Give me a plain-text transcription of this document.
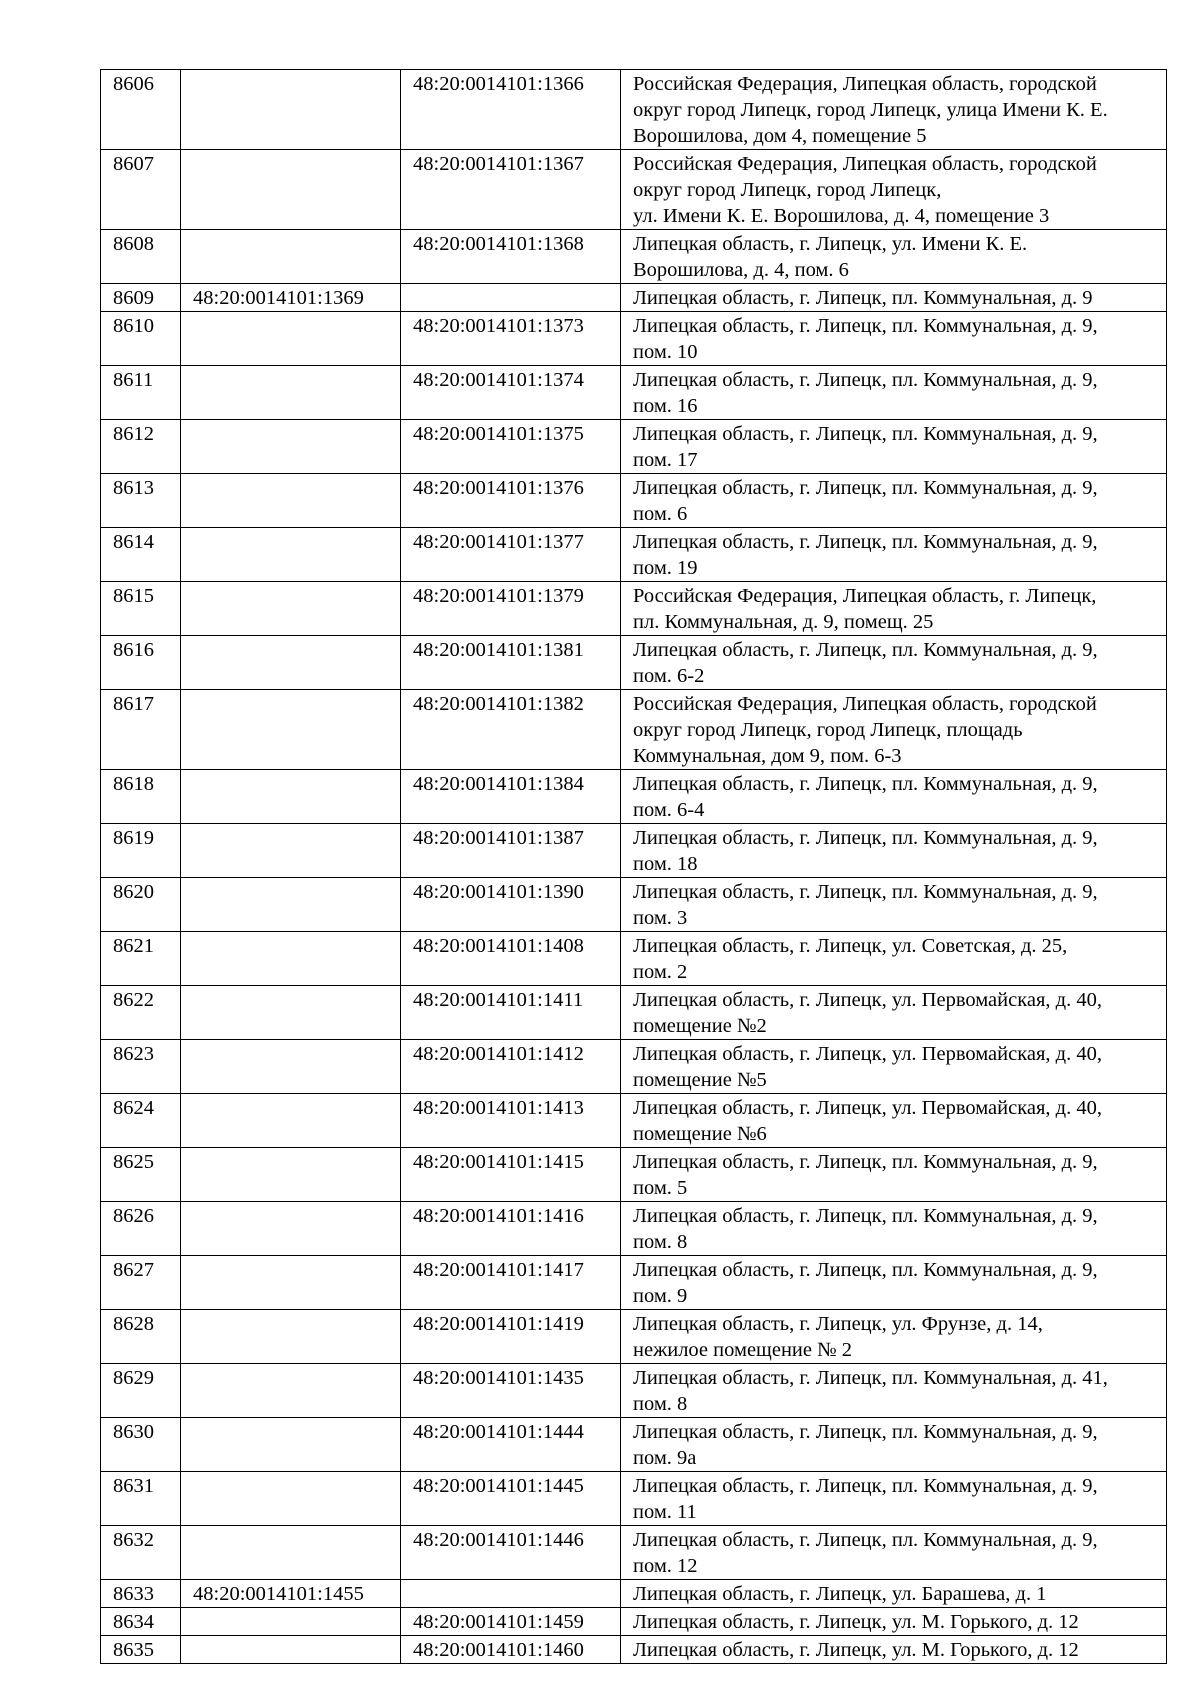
8606		48:20:0014101:1366	Российская Федерация, Липецкая область, городской
округ город Липецк, город Липецк, улица Имени К. Е.
Ворошилова, дом 4, помещение 5

8607		48:20:0014101:1367	Российская Федерация, Липецкая область, городской
округ город Липецк, город Липецк,
ул. Имени К. Е. Ворошилова, д. 4, помещение 3

8608		48:20:0014101:1368	Липецкая область, г. Липецк, ул. Имени К. Е.
Ворошилова, д. 4, пом. 6

8609	48:20:0014101:1369		Липецкая область, г. Липецк, пл. Коммунальная, д. 9

8610		48:20:0014101:1373	Липецкая область, г. Липецк, пл. Коммунальная, д. 9,
пом. 10

8611		48:20:0014101:1374	Липецкая область, г. Липецк, пл. Коммунальная, д. 9,
пом. 16

8612		48:20:0014101:1375	Липецкая область, г. Липецк, пл. Коммунальная, д. 9,
пом. 17

8613		48:20:0014101:1376	Липецкая область, г. Липецк, пл. Коммунальная, д. 9,
пом. 6

8614		48:20:0014101:1377	Липецкая область, г. Липецк, пл. Коммунальная, д. 9,
пом. 19

8615		48:20:0014101:1379	Российская Федерация, Липецкая область, г. Липецк,
пл. Коммунальная, д. 9, помещ. 25

8616		48:20:0014101:1381	Липецкая область, г. Липецк, пл. Коммунальная, д. 9,
пом. 6-2

8617		48:20:0014101:1382	Российская Федерация, Липецкая область, городской
округ город Липецк, город Липецк, площадь
Коммунальная, дом 9, пом. 6-3

8618		48:20:0014101:1384	Липецкая область, г. Липецк, пл. Коммунальная, д. 9,
пом. 6-4

8619		48:20:0014101:1387	Липецкая область, г. Липецк, пл. Коммунальная, д. 9,
пом. 18

8620		48:20:0014101:1390	Липецкая область, г. Липецк, пл. Коммунальная, д. 9,
пом. 3

8621		48:20:0014101:1408	Липецкая область, г. Липецк, ул. Советская, д. 25,
пом. 2

8622		48:20:0014101:1411	Липецкая область, г. Липецк, ул. Первомайская, д. 40,
помещение №2

8623		48:20:0014101:1412	Липецкая область, г. Липецк, ул. Первомайская, д. 40,
помещение №5

8624		48:20:0014101:1413	Липецкая область, г. Липецк, ул. Первомайская, д. 40,
помещение №6

8625		48:20:0014101:1415	Липецкая область, г. Липецк, пл. Коммунальная, д. 9,
пом. 5

8626		48:20:0014101:1416	Липецкая область, г. Липецк, пл. Коммунальная, д. 9,
пом. 8

8627		48:20:0014101:1417	Липецкая область, г. Липецк, пл. Коммунальная, д. 9,
пом. 9

8628		48:20:0014101:1419	Липецкая область, г. Липецк, ул. Фрунзе, д. 14,
нежилое помещение № 2

8629		48:20:0014101:1435	Липецкая область, г. Липецк, пл. Коммунальная, д. 41,
пом. 8

8630		48:20:0014101:1444	Липецкая область, г. Липецк, пл. Коммунальная, д. 9,
пом. 9а

8631		48:20:0014101:1445	Липецкая область, г. Липецк, пл. Коммунальная, д. 9,
пом. 11

8632		48:20:0014101:1446	Липецкая область, г. Липецк, пл. Коммунальная, д. 9,
пом. 12

8633	48:20:0014101:1455		Липецкая область, г. Липецк, ул. Барашева, д. 1

8634		48:20:0014101:1459	Липецкая область, г. Липецк, ул. М. Горького, д. 12

8635		48:20:0014101:1460	Липецкая область, г. Липецк, ул. М. Горького, д. 12
